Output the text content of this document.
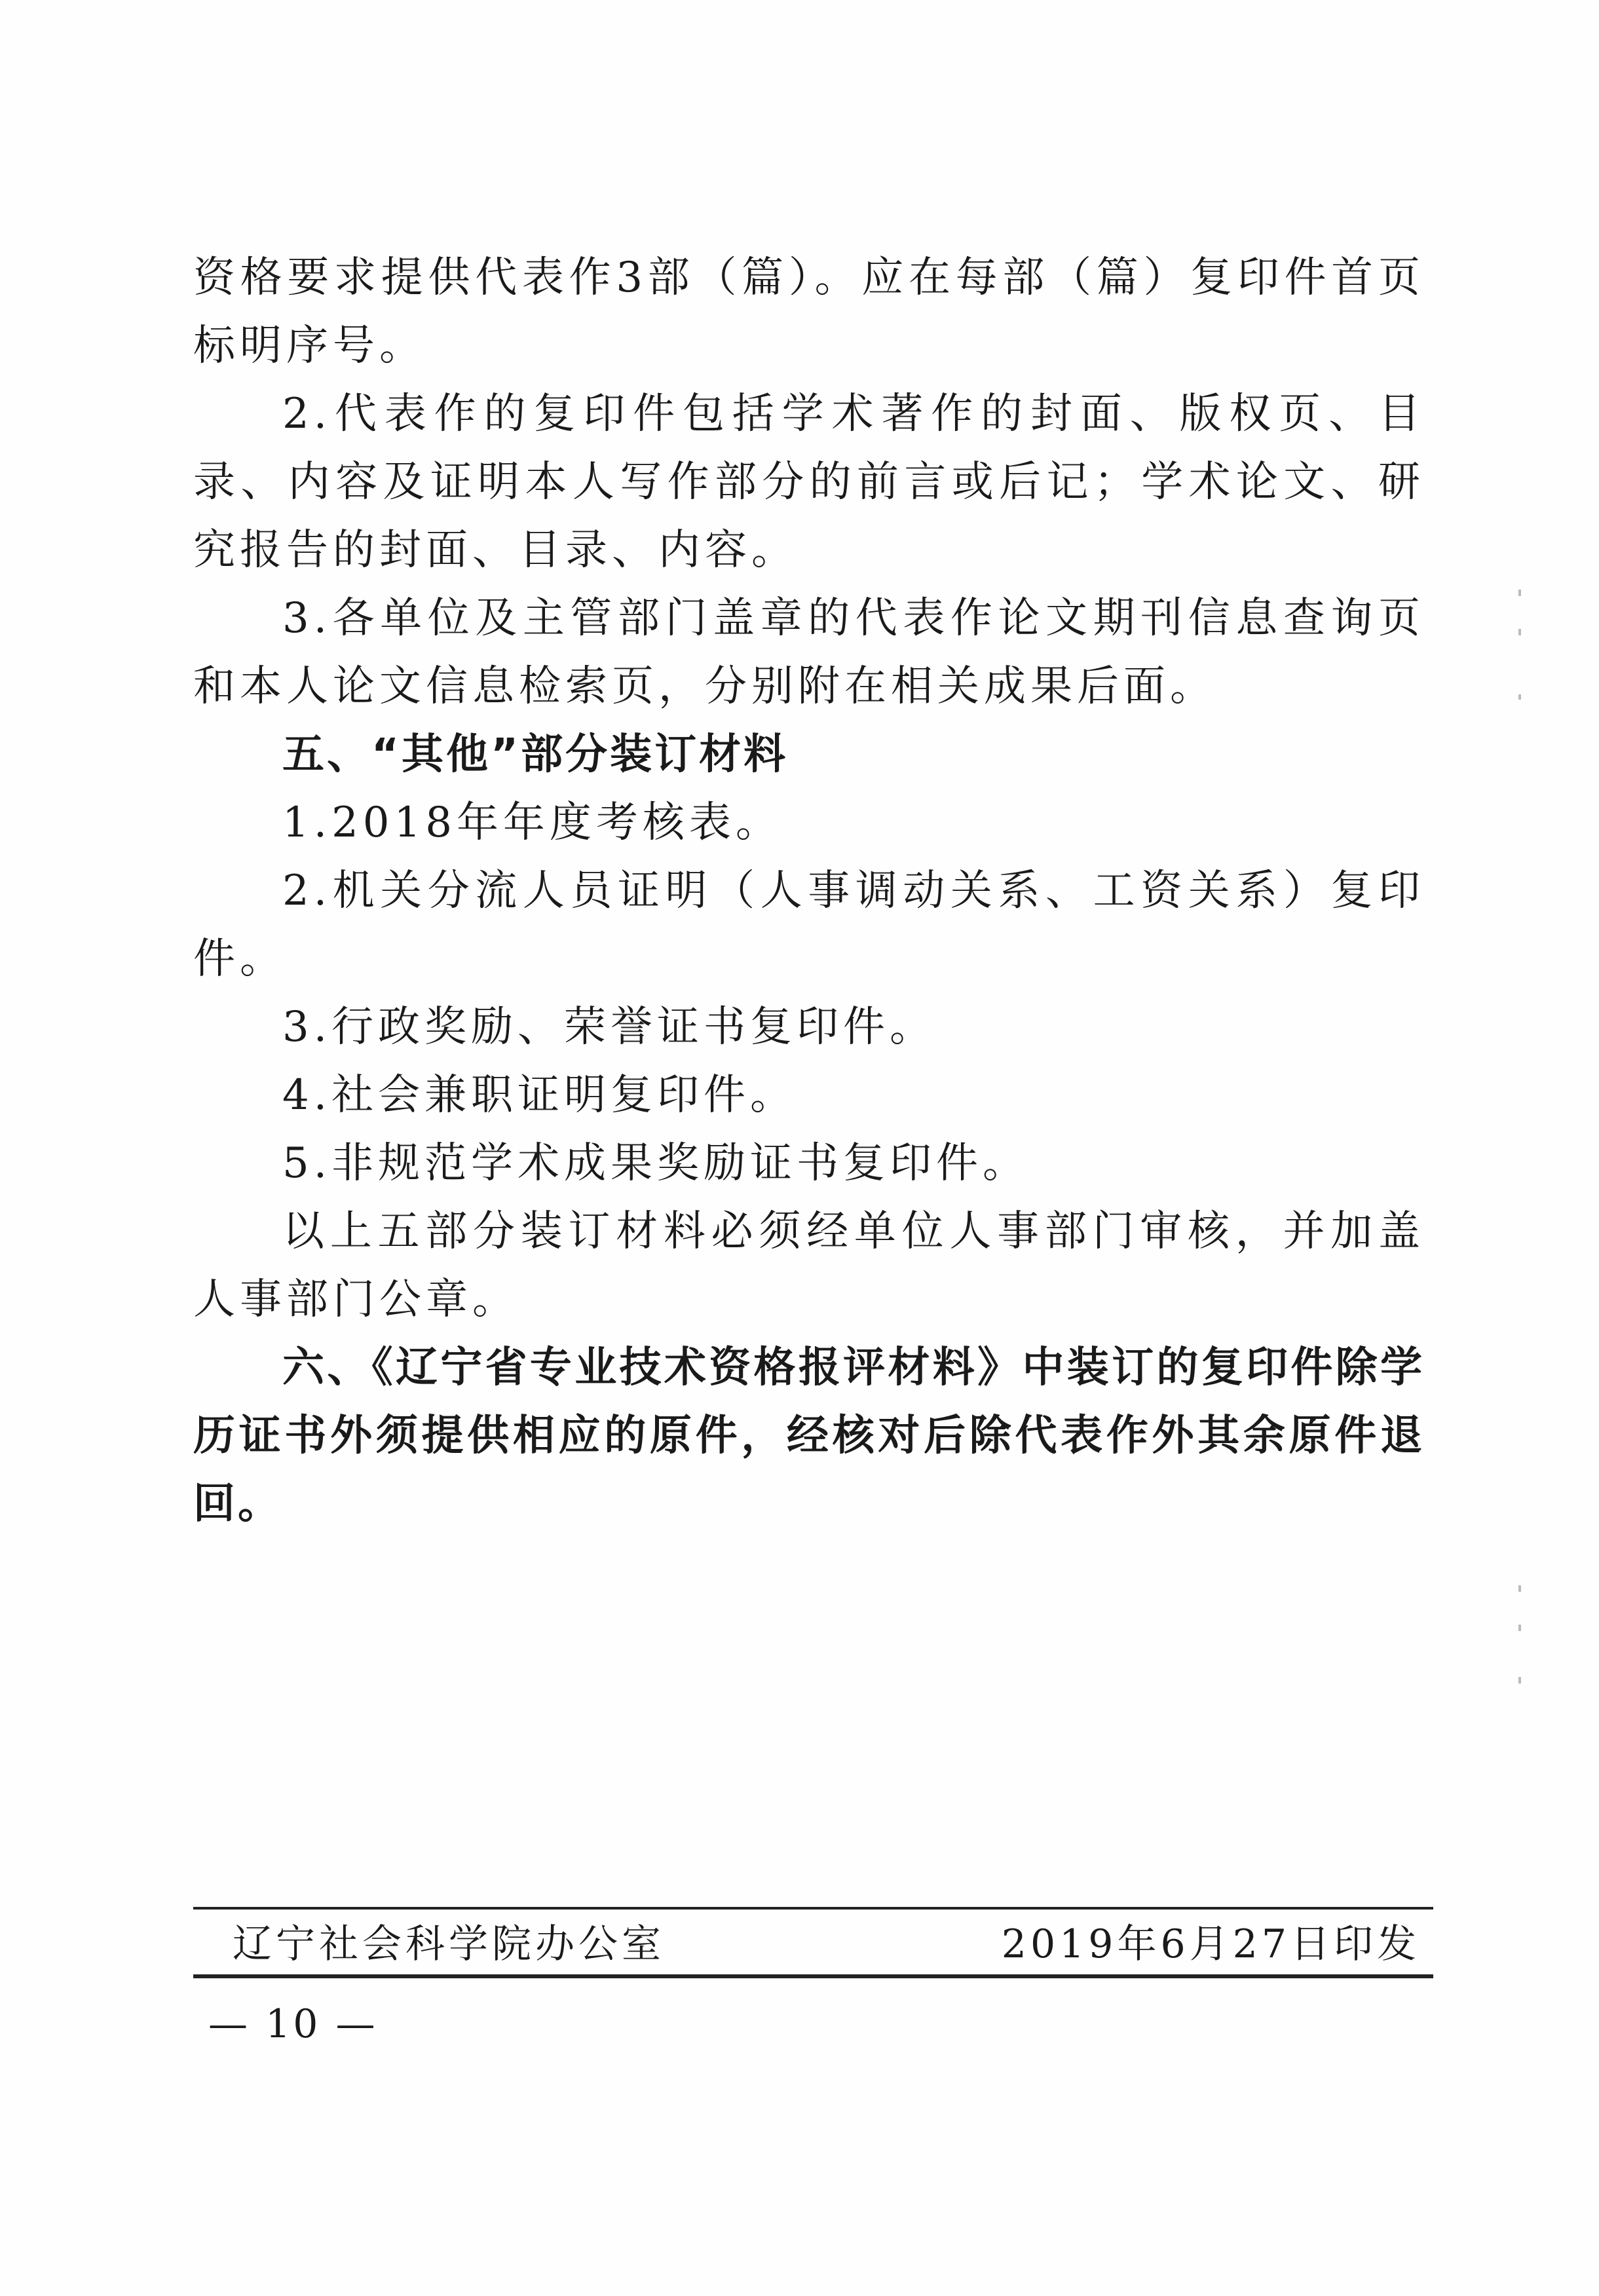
资格要求提供代表作3部（篇）。应在每部（篇）复印件首页标明序号。

2.代表作的复印件包括学术著作的封面、版权页、目录、内容及证明本人写作部分的前言或后记；学术论文、研究报告的封面、目录、内容。

3.各单位及主管部门盖章的代表作论文期刊信息查询页和本人论文信息检索页，分别附在相关成果后面。

五、“其他”部分装订材料

1.2018年年度考核表。

2.机关分流人员证明（人事调动关系、工资关系）复印件。

3.行政奖励、荣誉证书复印件。

4.社会兼职证明复印件。

5.非规范学术成果奖励证书复印件。

以上五部分装订材料必须经单位人事部门审核，并加盖人事部门公章。

六、《辽宁省专业技术资格报评材料》中装订的复印件除学历证书外须提供相应的原件，经核对后除代表作外其余原件退回。

辽宁社会科学院办公室	2019年6月27日印发
— 10 —
